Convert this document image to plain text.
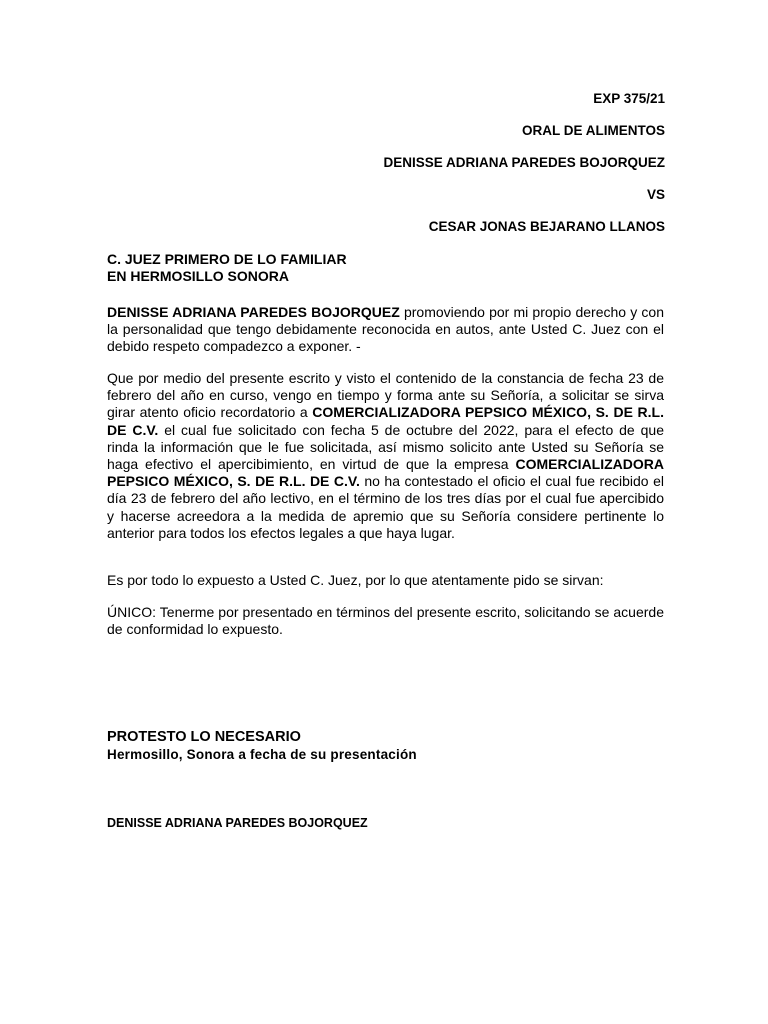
EXP 375/21
ORAL DE ALIMENTOS
DENISSE ADRIANA PAREDES BOJORQUEZ
VS
CESAR JONAS BEJARANO LLANOS
C. JUEZ PRIMERO DE LO FAMILIAR
EN HERMOSILLO SONORA
DENISSE ADRIANA PAREDES BOJORQUEZ promoviendo por mi propio derecho y con la personalidad que tengo debidamente reconocida en autos, ante Usted C. Juez con el debido respeto compadezco a exponer. -
Que por medio del presente escrito y visto el contenido de la constancia de fecha 23 de febrero del año en curso, vengo en tiempo y forma ante su Señoría, a solicitar se sirva girar atento oficio recordatorio a COMERCIALIZADORA PEPSICO MÉXICO, S. DE R.L. DE C.V. el cual fue solicitado con fecha 5 de octubre del 2022, para el efecto de que rinda la información que le fue solicitada, así mismo solicito ante Usted su Señoría se haga efectivo el apercibimiento, en virtud de que la empresa COMERCIALIZADORA PEPSICO MÉXICO, S. DE R.L. DE C.V. no ha contestado el oficio el cual fue recibido el día 23 de febrero del año lectivo, en el término de los tres días por el cual fue apercibido y hacerse acreedora a la medida de apremio que su Señoría considere pertinente lo anterior para todos los efectos legales a que haya lugar.
Es por todo lo expuesto a Usted C. Juez, por lo que atentamente pido se sirvan:
ÚNICO: Tenerme por presentado en términos del presente escrito, solicitando se acuerde de conformidad lo expuesto.
PROTESTO LO NECESARIO
Hermosillo, Sonora a fecha de su presentación
DENISSE ADRIANA PAREDES BOJORQUEZ
